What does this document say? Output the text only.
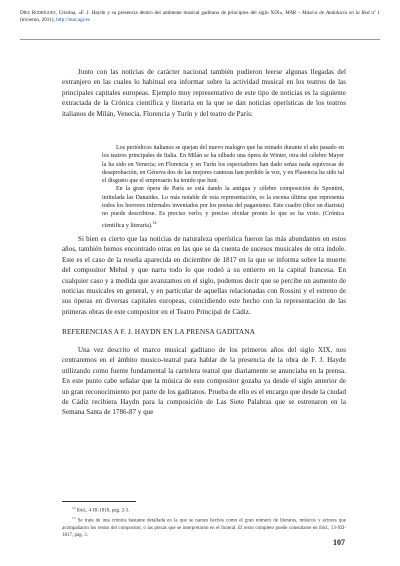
Díez Rodríguez, Cristina, «F. J. Haydn y su presencia dentro del ambiente musical gaditano de principios del siglo XIX», MAR – Música de Andalucía en la Red nº 1 (invierno, 2011), http://mar.ugr.es
Junto con las noticias de carácter nacional también pudieron leerse algunas llegadas del extranjero en las cuales lo habitual era informar sobre la actividad musical en los teatros de las principales capitales europeas. Ejemplo muy representativo de este tipo de noticias es la siguiente extractada de la Crónica científica y literaria en la que se dan noticias operísticas de los teatros italianos de Milán, Venecia, Florencia y Turín y del teatro de París:

Los periódicos italianos se quejan del nuevo malogro que ha reinado durante el año pasado en los teatros principales de Italia. En Milán se ha silbado una ópera de Winter, otra del célebre Mayer la ha sido en Venecia; en Florencia y en Turín los espectadores han dado señas nada equívocas de desaprobación, en Génova dos de las mejores cantoras han perdido la voz, y en Plasencia ha sido tal el disgusto que el empresario ha tenido que huir.

En la gran ópera de París se está dando la antigua y célebre composición de Spontini, intitulada las Danaides. Lo más notable de esta representación, es la escena última que representa todos los horrores infernales inventados por los poetas del paganismo. Este cuadro (dice un diarista) no puede describirse. Es preciso verlo; y preciso olvidar pronto lo que se ha visto. (Crónica científica y literaria).$^{14}$

Si bien es cierto que las noticias de naturaleza operística fueron las más abundantes en estos años, también hemos encontrado otras en las que se da cuenta de sucesos musicales de otra índole. Este es el caso de la reseña aparecida en diciembre de 1817 en la que se informa sobre la muerte del compositor Mehul y que narra todo lo que rodeó a su entierro en la capital francesa. En cualquier caso y a medida que avanzamos en el siglo, podemos decir que se percibe un aumento de noticias musicales en general, y en particular de aquellas relacionadas con Rossini y el estreno de sus óperas en diversas capitales europeas, coincidiendo este hecho con la representación de las primeras obras de este compositor en el Teatro Principal de Cádiz.
REFERENCIAS A F. J. HAYDN EN LA PRENSA GADITANA
Una vez descrito el marco musical gaditano de los primeros años del siglo XIX, nos centraremos en el ámbito musico-teatral para hablar de la presencia de la obra de F. J. Haydn utilizando como fuente fundamental la cartelera teatral que diariamente se anunciaba en la prensa. En este punto cabe señalar que la música de este compositor gozaba ya desde el siglo anterior de un gran reconocimiento por parte de los gaditanos. Prueba de ello es el encargo que desde la ciudad de Cádiz recibiera Haydn para la composición de Las Siete Palabras que se estrenaron en la Semana Santa de 1786-87 y que

$^{14}$ Ibid., 4-III-1818, pág. 2-3.

$^{15}$ Se trata de una crónica bastante detallada en la que se narran hechos como el gran número de literatos, músicos y actores que acompañaron los restos del compositor, o las piezas que se interpretaron en el funeral. El texto completo puede consultarse en ibíd., 13-XII-1817, pág. 3.

107
